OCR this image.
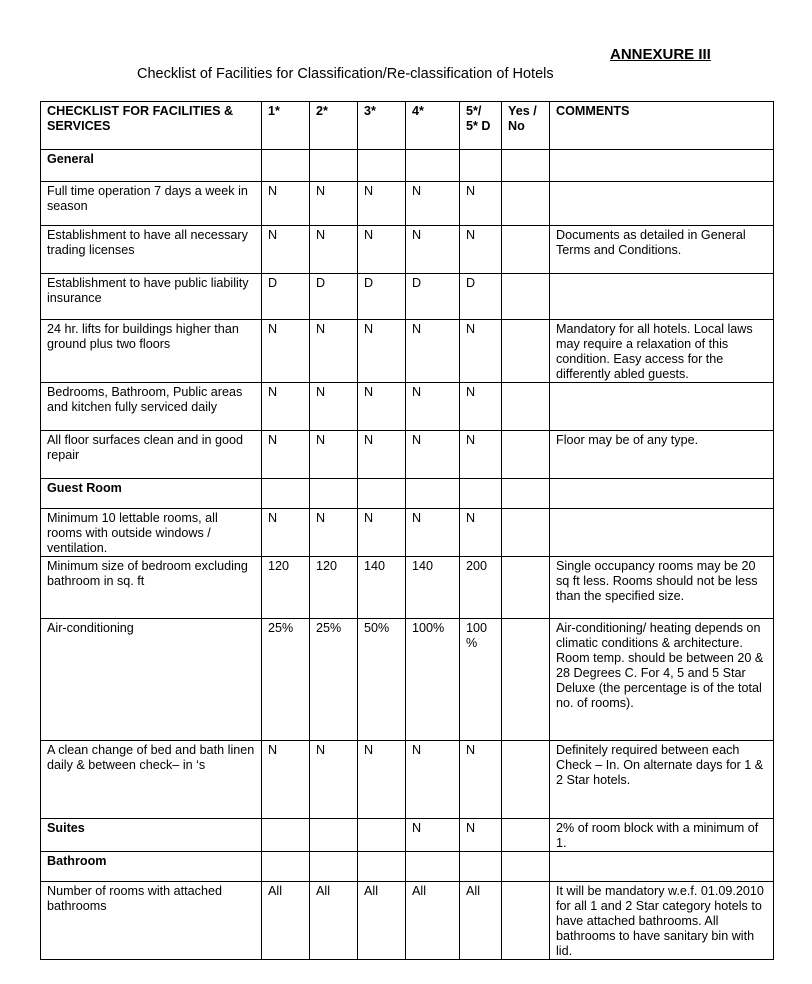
ANNEXURE III
Checklist of Facilities for Classification/Re-classification of Hotels
CHECKLIST FOR FACILITIES & SERVICES	1*	2*	3*	4*	5*/ 5* D	Yes / No	COMMENTS
General							
Full time operation 7 days a week in season	N	N	N	N	N		
Establishment to have all necessary trading licenses	N	N	N	N	N		Documents as detailed in General Terms and Conditions.
Establishment to have public liability insurance	D	D	D	D	D		
24 hr. lifts for buildings higher than ground plus two floors	N	N	N	N	N		Mandatory for all hotels. Local laws may require a relaxation of this condition. Easy access for the differently abled guests.
Bedrooms, Bathroom, Public areas and kitchen fully serviced daily	N	N	N	N	N		
All floor surfaces clean and in good repair	N	N	N	N	N		Floor may be of any type.
Guest Room							
Minimum 10 lettable rooms, all rooms with outside windows / ventilation.	N	N	N	N	N		
Minimum size of bedroom excluding bathroom in sq. ft	120	120	140	140	200		Single occupancy rooms may be 20 sq ft less. Rooms should not be less than the specified size.
Air-conditioning	25%	25%	50%	100%	100 %		Air-conditioning/ heating depends on climatic conditions & architecture. Room temp. should be between 20 & 28 Degrees C. For 4, 5 and 5 Star Deluxe (the percentage is of the total no. of rooms).
A clean change of bed and bath linen daily & between check– in ‘s	N	N	N	N	N		Definitely required between each Check – In. On alternate days for 1 & 2 Star hotels.
Suites				N	N		2% of room block with a minimum of 1.
Bathroom							
Number of rooms with attached bathrooms	All	All	All	All	All		It will be mandatory w.e.f. 01.09.2010 for all 1 and 2 Star category hotels to have attached bathrooms. All bathrooms to have sanitary bin with lid.
